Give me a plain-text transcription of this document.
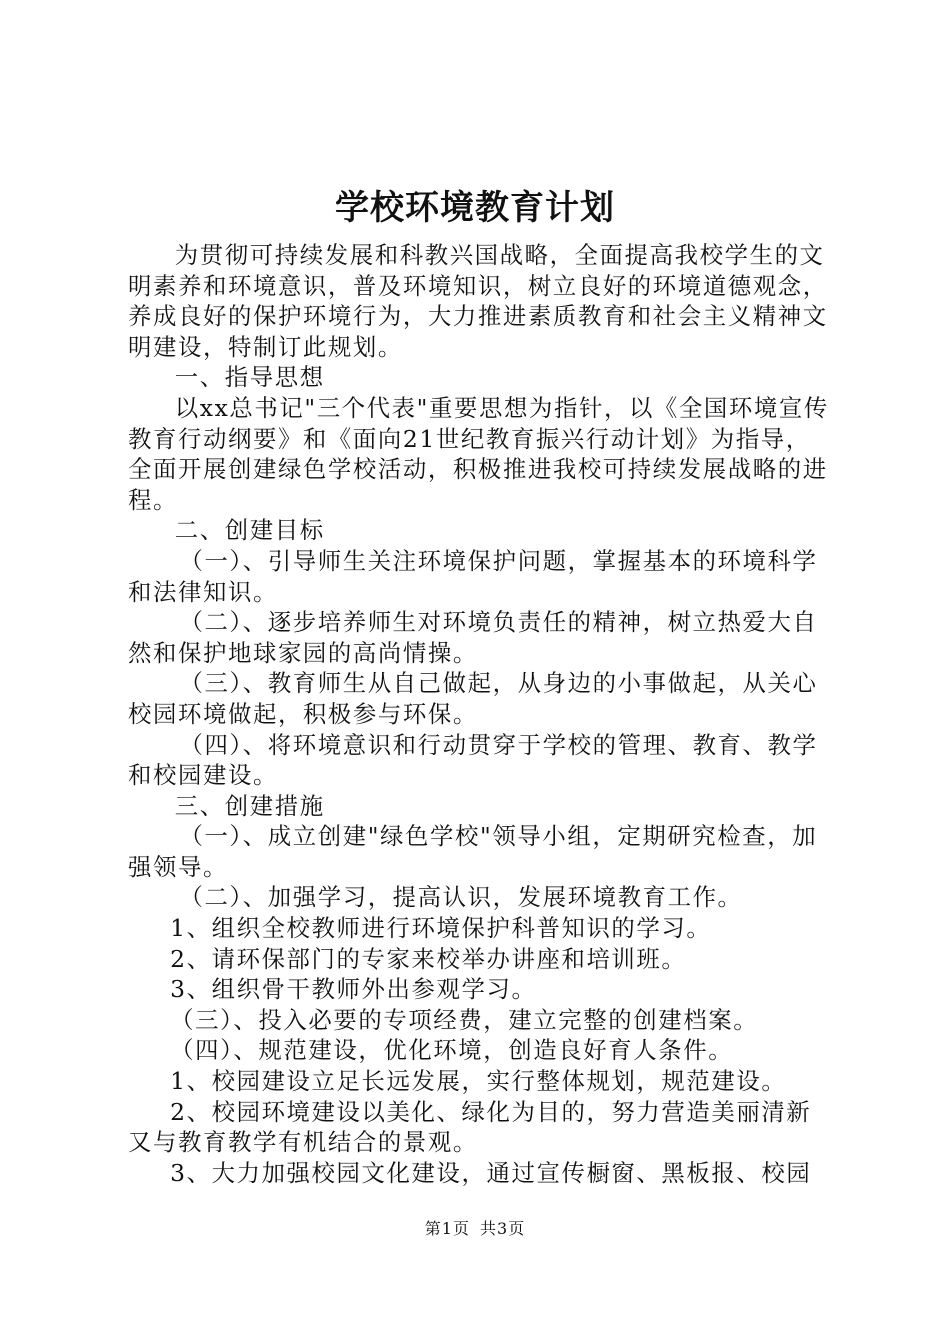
学校环境教育计划

为贯彻可持续发展和科教兴国战略，全面提高我校学生的文明素养和环境意识，普及环境知识，树立良好的环境道德观念，养成良好的保护环境行为，大力推进素质教育和社会主义精神文明建设，特制订此规划。

一、指导思想

以xx总书记"三个代表"重要思想为指针，以《全国环境宣传教育行动纲要》和《面向21世纪教育振兴行动计划》为指导，全面开展创建绿色学校活动，积极推进我校可持续发展战略的进程。

二、创建目标

（一）、引导师生关注环境保护问题，掌握基本的环境科学和法律知识。

（二）、逐步培养师生对环境负责任的精神，树立热爱大自然和保护地球家园的高尚情操。

（三）、教育师生从自己做起，从身边的小事做起，从关心校园环境做起，积极参与环保。

（四）、将环境意识和行动贯穿于学校的管理、教育、教学和校园建设。

三、创建措施

（一）、成立创建"绿色学校"领导小组，定期研究检查，加强领导。

（二）、加强学习，提高认识，发展环境教育工作。

1、组织全校教师进行环境保护科普知识的学习。

2、请环保部门的专家来校举办讲座和培训班。

3、组织骨干教师外出参观学习。

（三）、投入必要的专项经费，建立完整的创建档案。

（四）、规范建设，优化环境，创造良好育人条件。

1、校园建设立足长远发展，实行整体规划，规范建设。

2、校园环境建设以美化、绿化为目的，努力营造美丽清新又与教育教学有机结合的景观。

3、大力加强校园文化建设，通过宣传橱窗、黑板报、校园

第1页 共3页
